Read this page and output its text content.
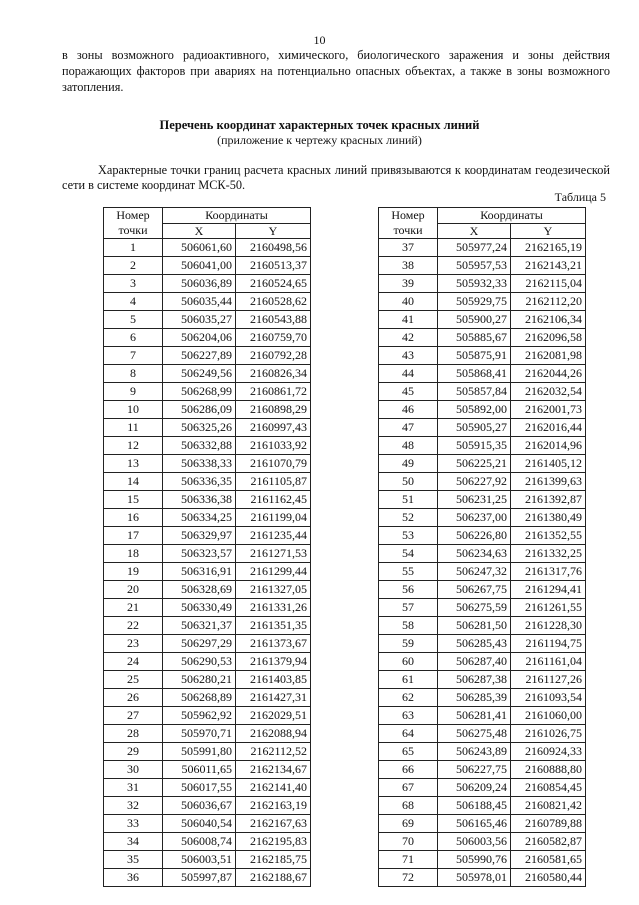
10
в зоны возможного радиоактивного, химического, биологического заражения и зоны действия поражающих факторов при авариях на потенциально опасных объектах, а также в зоны возможного затопления.
Перечень координат характерных точек красных линий
(приложение к чертежу красных линий)
Характерные точки границ расчета красных линий привязываются к координатам геодезической сети в системе координат МСК-50.
Таблица 5
Номер
точки	Координаты	
	X	Y
1	506061,60	2160498,56
2	506041,00	2160513,37
3	506036,89	2160524,65
4	506035,44	2160528,62
5	506035,27	2160543,88
6	506204,06	2160759,70
7	506227,89	2160792,28
8	506249,56	2160826,34
9	506268,99	2160861,72
10	506286,09	2160898,29
11	506325,26	2160997,43
12	506332,88	2161033,92
13	506338,33	2161070,79
14	506336,35	2161105,87
15	506336,38	2161162,45
16	506334,25	2161199,04
17	506329,97	2161235,44
18	506323,57	2161271,53
19	506316,91	2161299,44
20	506328,69	2161327,05
21	506330,49	2161331,26
22	506321,37	2161351,35
23	506297,29	2161373,67
24	506290,53	2161379,94
25	506280,21	2161403,85
26	506268,89	2161427,31
27	505962,92	2162029,51
28	505970,71	2162088,94
29	505991,80	2162112,52
30	506011,65	2162134,67
31	506017,55	2162141,40
32	506036,67	2162163,19
33	506040,54	2162167,63
34	506008,74	2162195,83
35	506003,51	2162185,75
36	505997,87	2162188,67
Номер
точки	Координаты	
	X	Y
37	505977,24	2162165,19
38	505957,53	2162143,21
39	505932,33	2162115,04
40	505929,75	2162112,20
41	505900,27	2162106,34
42	505885,67	2162096,58
43	505875,91	2162081,98
44	505868,41	2162044,26
45	505857,84	2162032,54
46	505892,00	2162001,73
47	505905,27	2162016,44
48	505915,35	2162014,96
49	506225,21	2161405,12
50	506227,92	2161399,63
51	506231,25	2161392,87
52	506237,00	2161380,49
53	506226,80	2161352,55
54	506234,63	2161332,25
55	506247,32	2161317,76
56	506267,75	2161294,41
57	506275,59	2161261,55
58	506281,50	2161228,30
59	506285,43	2161194,75
60	506287,40	2161161,04
61	506287,38	2161127,26
62	506285,39	2161093,54
63	506281,41	2161060,00
64	506275,48	2161026,75
65	506243,89	2160924,33
66	506227,75	2160888,80
67	506209,24	2160854,45
68	506188,45	2160821,42
69	506165,46	2160789,88
70	506003,56	2160582,87
71	505990,76	2160581,65
72	505978,01	2160580,44
